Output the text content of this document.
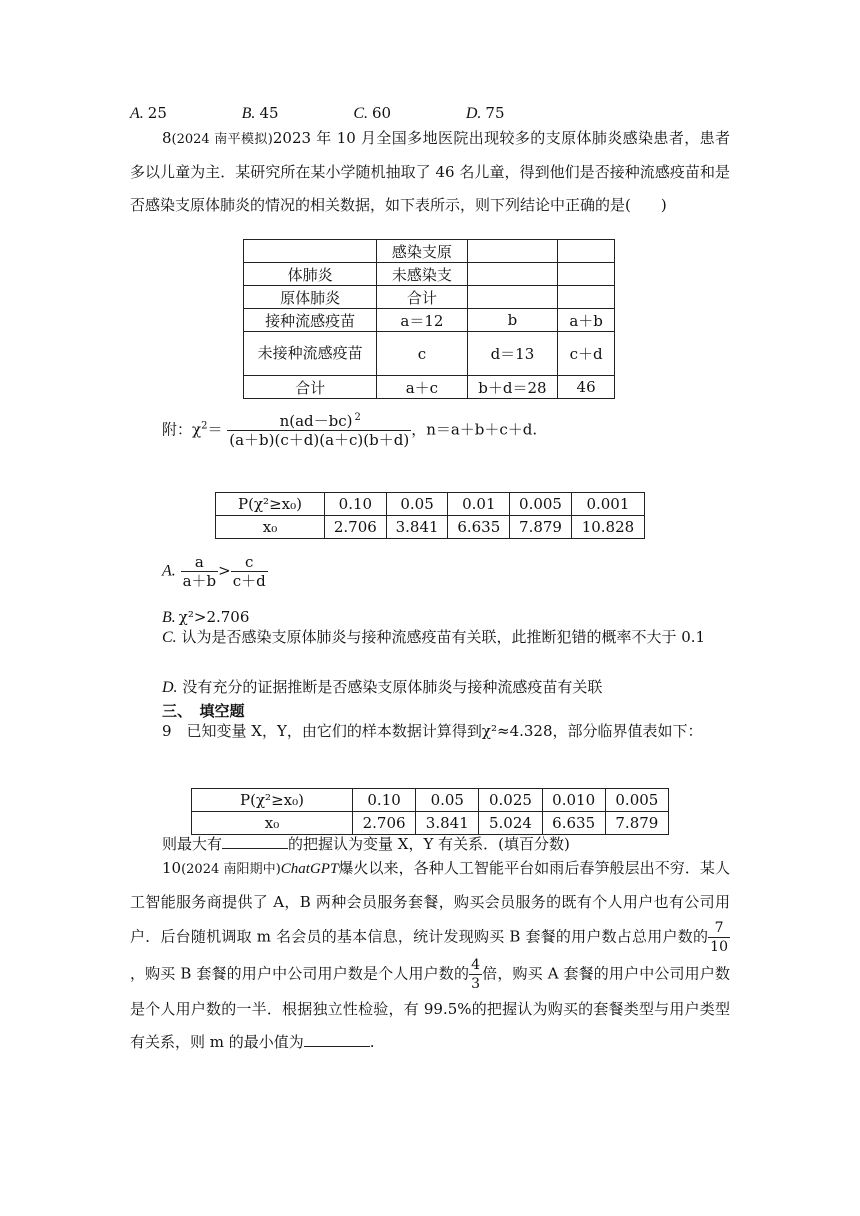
A. 25	B. 45	C. 60	D. 75
8(2024 南平模拟)2023 年 10 月全国多地医院出现较多的支原体肺炎感染患者，患者多以儿童为主．某研究所在某小学随机抽取了 46 名儿童，得到他们是否接种流感疫苗和是否感染支原体肺炎的情况的相关数据，如下表所示，则下列结论中正确的是(　　)
	感染支原		
体肺炎	未感染支		
原体肺炎	合计		
接种流感疫苗	a＝12	b	a＋b
未接种流感疫苗	c	d＝13	c＋d
合计	a＋c	b＋d＝28	46
附：$\chi^2= \frac{n(ad-bc) ^2}{(a+b)(c+d)(a+c)(b+d)}$ ，n＝a＋b＋c＋d.
P(χ²≥x₀)	0.10	0.05	0.01	0.005	0.001
x₀	2.706	3.841	6.635	7.879	10.828
A. $\frac{a}{a+b} > \frac{c}{c+d}$
B. χ²>2.706
C. 认为是否感染支原体肺炎与接种流感疫苗有关联，此推断犯错的概率不大于 0.1
D. 没有充分的证据推断是否感染支原体肺炎与接种流感疫苗有关联
三、　填空题
9　已知变量 X，Y，由它们的样本数据计算得到χ²≈4.328，部分临界值表如下：
P(χ²≥x₀)	0.10	0.05	0.025	0.010	0.005
x₀	2.706	3.841	5.024	6.635	7.879
则最大有	的把握认为变量 X，Y 有关系．(填百分数)
10(2024 南阳期中)ChatGPT爆火以来，各种人工智能平台如雨后春笋般层出不穷．某人工智能服务商提供了 A，B 两种会员服务套餐，购买会员服务的既有个人用户也有公司用户．后台随机调取 m 名会员的基本信息，统计发现购买 B 套餐的用户数占总用户数的 $\frac{7}{10}$
，购买 B 套餐的用户中公司用户数是个人用户数的 $\frac{4}{3}$ 倍，购买 A 套餐的用户中公司用户数是个人用户数的一半．根据独立性检验，有 99.5%的把握认为购买的套餐类型与用户类型有关系，则 m 的最小值为	.
